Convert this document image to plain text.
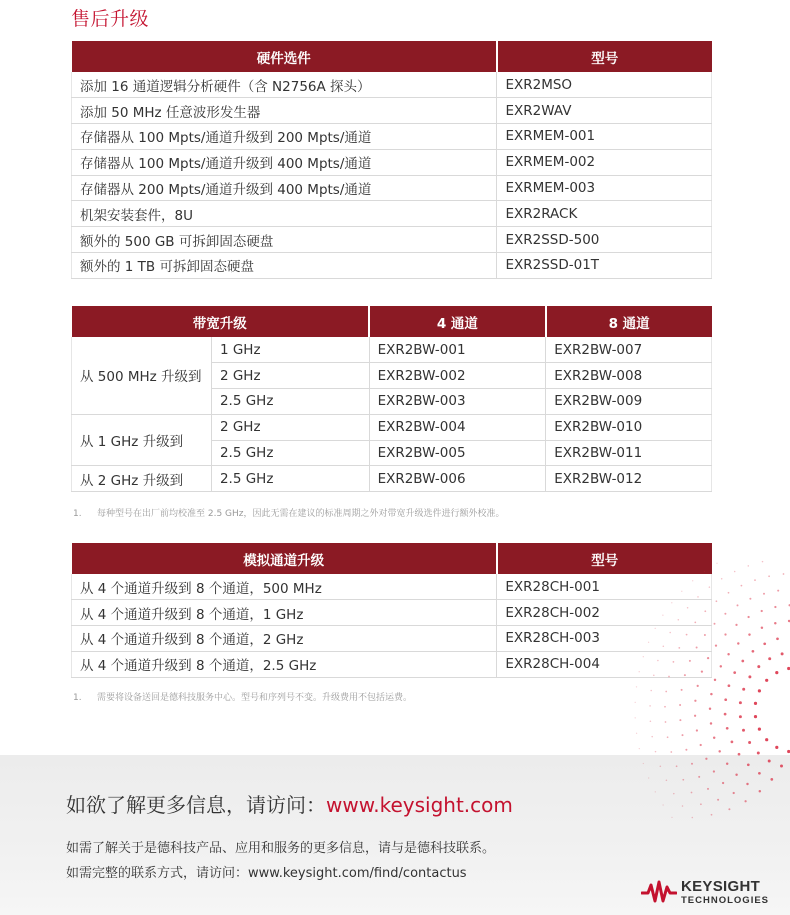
售后升级
硬件选件	型号
添加 16 通道逻辑分析硬件（含 N2756A 探头）	EXR2MSO
添加 50 MHz 任意波形发生器	EXR2WAV
存储器从 100 Mpts/通道升级到 200 Mpts/通道	EXRMEM-001
存储器从 100 Mpts/通道升级到 400 Mpts/通道	EXRMEM-002
存储器从 200 Mpts/通道升级到 400 Mpts/通道	EXRMEM-003
机架安装套件，8U	EXR2RACK
额外的 500 GB 可拆卸固态硬盘	EXR2SSD-500
额外的 1 TB 可拆卸固态硬盘	EXR2SSD-01T
带宽升级		4 通道	8 通道
从 500 MHz 升级到	1 GHz	EXR2BW-001	EXR2BW-007
	2 GHz	EXR2BW-002	EXR2BW-008
	2.5 GHz	EXR2BW-003	EXR2BW-009
从 1 GHz 升级到	2 GHz	EXR2BW-004	EXR2BW-010
	2.5 GHz	EXR2BW-005	EXR2BW-011
从 2 GHz 升级到	2.5 GHz	EXR2BW-006	EXR2BW-012
1. 每种型号在出厂前均校准至 2.5 GHz，因此无需在建议的标准周期之外对带宽升级选件进行额外校准。
模拟通道升级	型号
从 4 个通道升级到 8 个通道，500 MHz	EXR28CH-001
从 4 个通道升级到 8 个通道，1 GHz	EXR28CH-002
从 4 个通道升级到 8 个通道，2 GHz	EXR28CH-003
从 4 个通道升级到 8 个通道，2.5 GHz	EXR28CH-004
1. 需要将设备送回是德科技服务中心。型号和序列号不变。升级费用不包括运费。
如欲了解更多信息，请访问：www.keysight.com
如需了解关于是德科技产品、应用和服务的更多信息，请与是德科技联系。
如需完整的联系方式，请访问：www.keysight.com/find/contactus
KEYSIGHT
TECHNOLOGIES
